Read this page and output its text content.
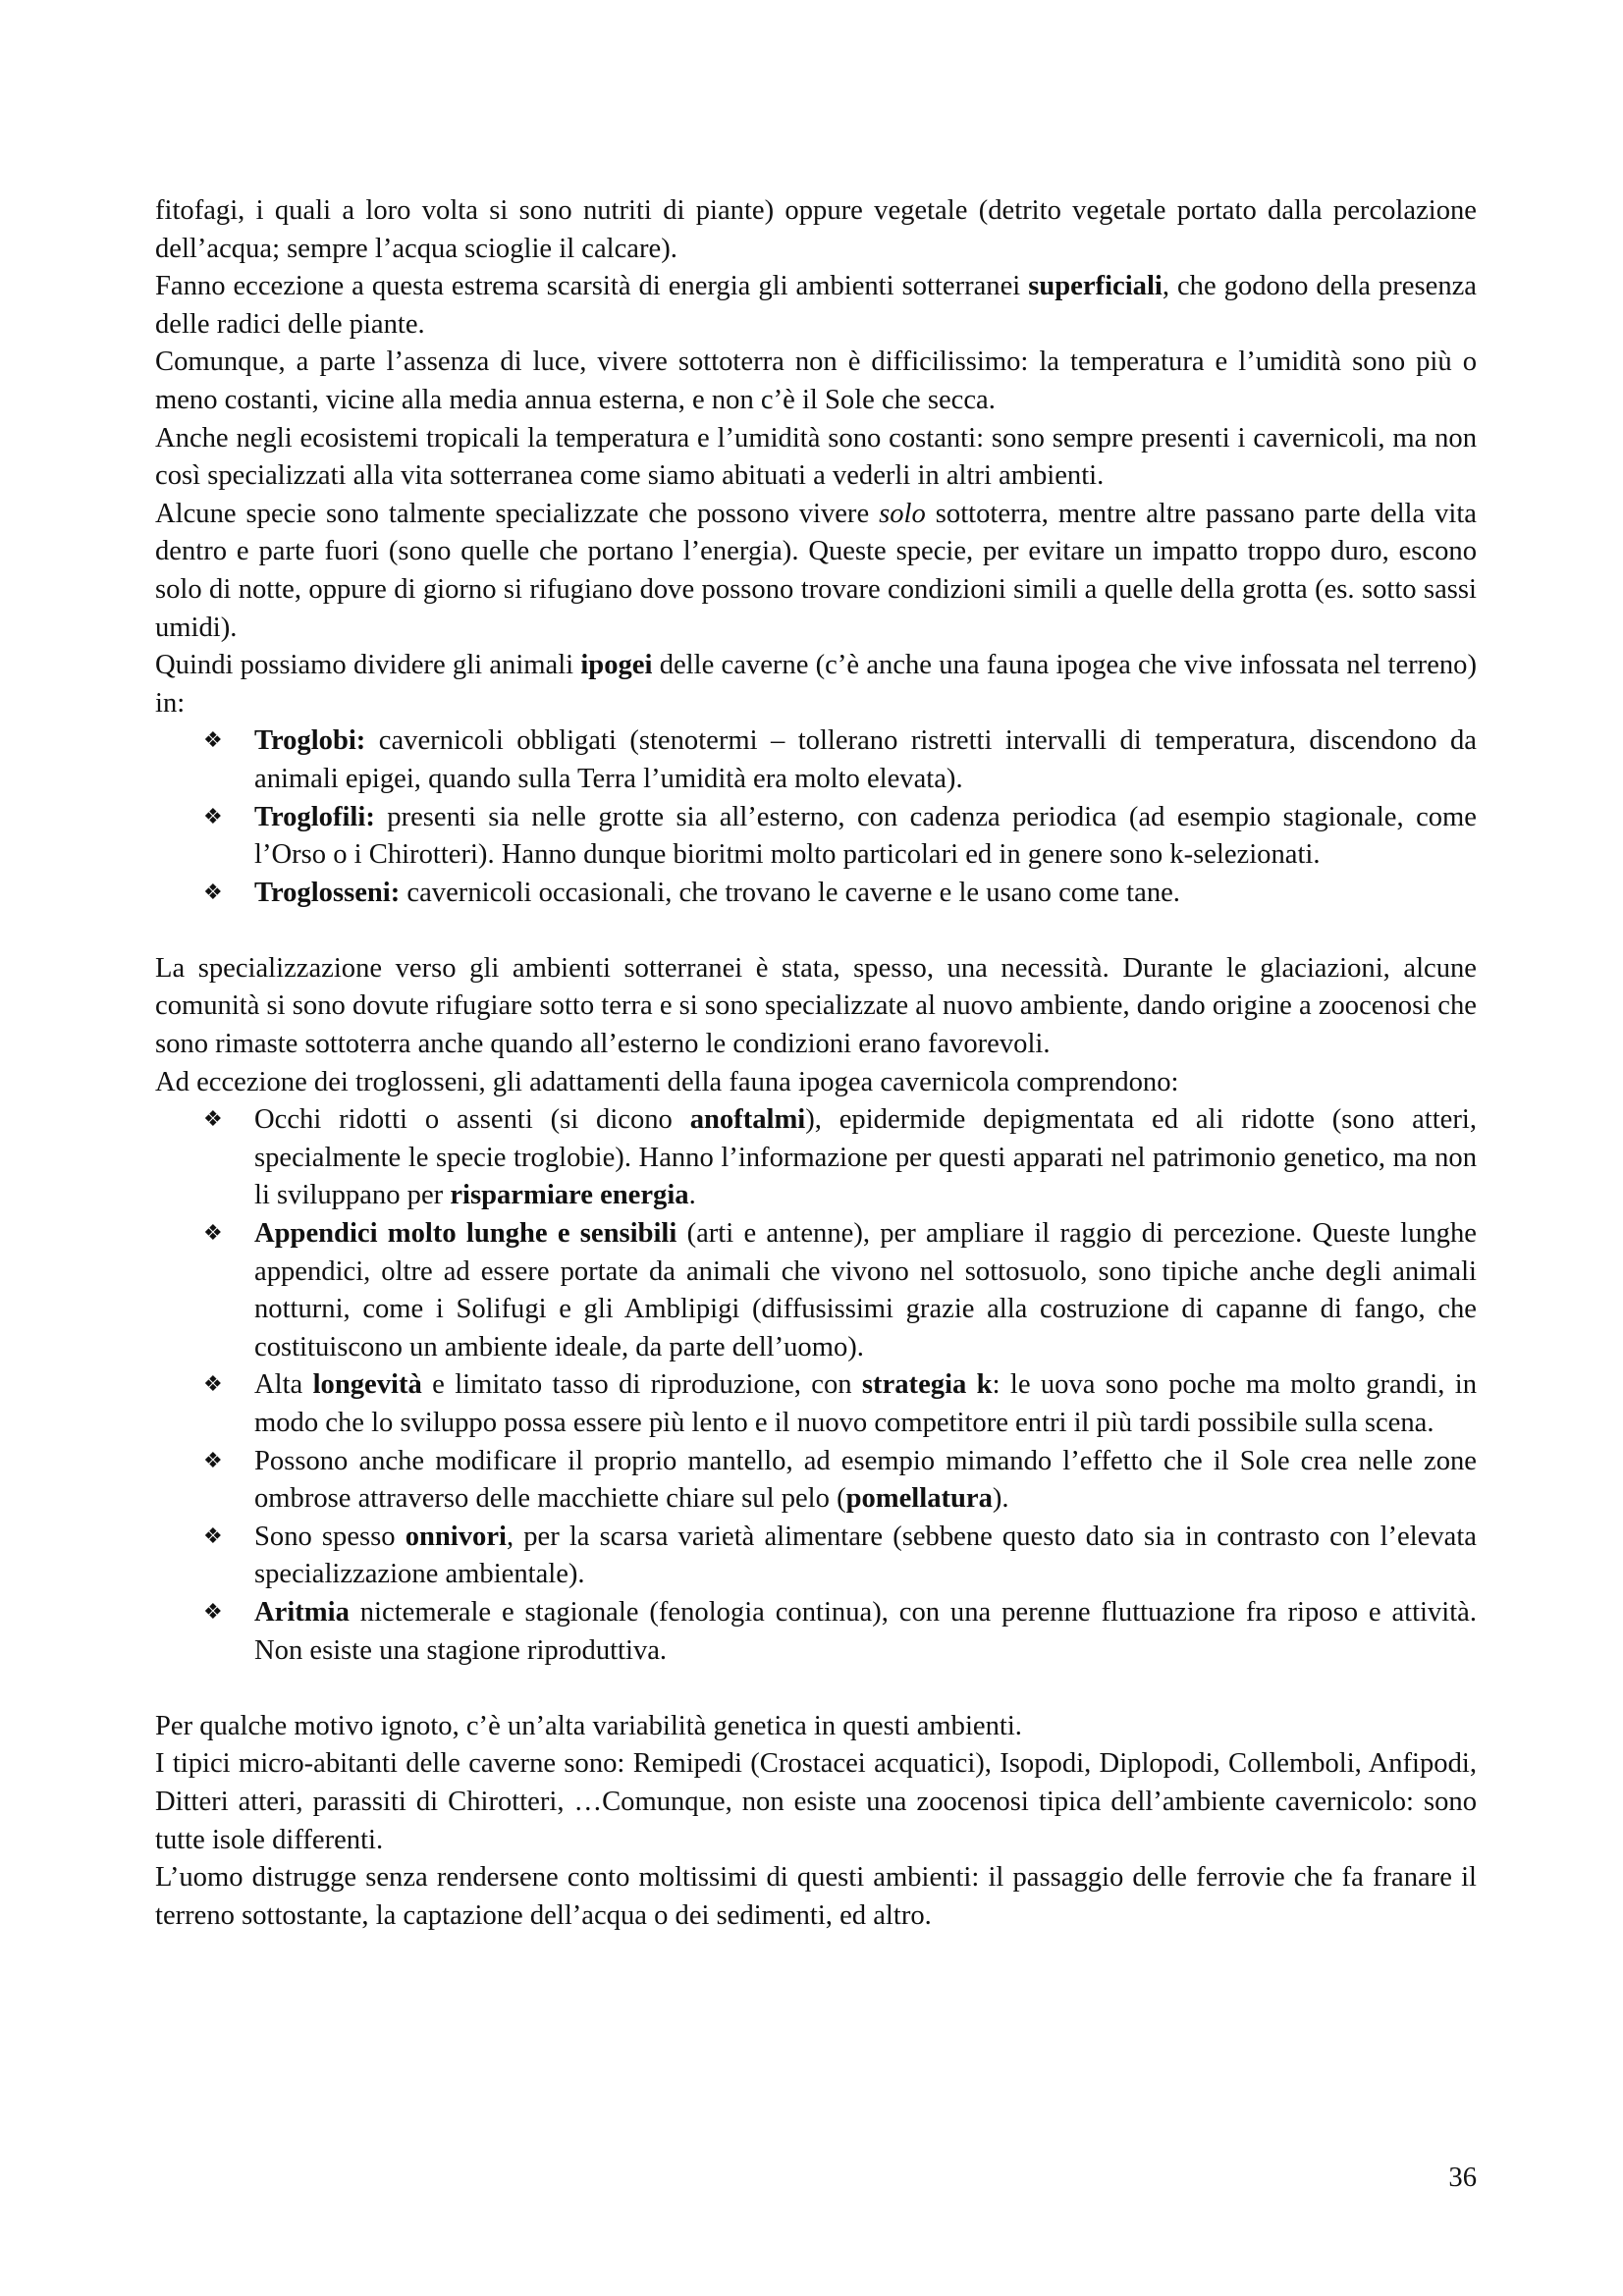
fitofagi, i quali a loro volta si sono nutriti di piante) oppure vegetale (detrito vegetale portato dalla percolazione dell’acqua; sempre l’acqua scioglie il calcare).

Fanno eccezione a questa estrema scarsità di energia gli ambienti sotterranei superficiali, che godono della presenza delle radici delle piante.

Comunque, a parte l’assenza di luce, vivere sottoterra non è difficilissimo: la temperatura e l’umidità sono più o meno costanti, vicine alla media annua esterna, e non c’è il Sole che secca.

Anche negli ecosistemi tropicali la temperatura e l’umidità sono costanti: sono sempre presenti i cavernicoli, ma non così specializzati alla vita sotterranea come siamo abituati a vederli in altri ambienti.

Alcune specie sono talmente specializzate che possono vivere solo sottoterra, mentre altre passano parte della vita dentro e parte fuori (sono quelle che portano l’energia). Queste specie, per evitare un impatto troppo duro, escono solo di notte, oppure di giorno si rifugiano dove possono trovare condizioni simili a quelle della grotta (es. sotto sassi umidi).

Quindi possiamo dividere gli animali ipogei delle caverne (c’è anche una fauna ipogea che vive infossata nel terreno) in:

❖ Troglobi: cavernicoli obbligati (stenotermi – tollerano ristretti intervalli di temperatura, discendono da animali epigei, quando sulla Terra l’umidità era molto elevata).
❖ Troglofili: presenti sia nelle grotte sia all’esterno, con cadenza periodica (ad esempio stagionale, come l’Orso o i Chirotteri). Hanno dunque bioritmi molto particolari ed in genere sono k-selezionati.
❖ Troglosseni: cavernicoli occasionali, che trovano le caverne e le usano come tane.

La specializzazione verso gli ambienti sotterranei è stata, spesso, una necessità. Durante le glaciazioni, alcune comunità si sono dovute rifugiare sotto terra e si sono specializzate al nuovo ambiente, dando origine a zoocenosi che sono rimaste sottoterra anche quando all’esterno le condizioni erano favorevoli.

Ad eccezione dei troglosseni, gli adattamenti della fauna ipogea cavernicola comprendono:

❖ Occhi ridotti o assenti (si dicono anoftalmi), epidermide depigmentata ed ali ridotte (sono atteri, specialmente le specie troglobie). Hanno l’informazione per questi apparati nel patrimonio genetico, ma non li sviluppano per risparmiare energia.
❖ Appendici molto lunghe e sensibili (arti e antenne), per ampliare il raggio di percezione. Queste lunghe appendici, oltre ad essere portate da animali che vivono nel sottosuolo, sono tipiche anche degli animali notturni, come i Solifugi e gli Amblipigi (diffusissimi grazie alla costruzione di capanne di fango, che costituiscono un ambiente ideale, da parte dell’uomo).
❖ Alta longevità e limitato tasso di riproduzione, con strategia k: le uova sono poche ma molto grandi, in modo che lo sviluppo possa essere più lento e il nuovo competitore entri il più tardi possibile sulla scena.
❖ Possono anche modificare il proprio mantello, ad esempio mimando l’effetto che il Sole crea nelle zone ombrose attraverso delle macchiette chiare sul pelo (pomellatura).
❖ Sono spesso onnivori, per la scarsa varietà alimentare (sebbene questo dato sia in contrasto con l’elevata specializzazione ambientale).
❖ Aritmia nictemerale e stagionale (fenologia continua), con una perenne fluttuazione fra riposo e attività. Non esiste una stagione riproduttiva.

Per qualche motivo ignoto, c’è un’alta variabilità genetica in questi ambienti.

I tipici micro-abitanti delle caverne sono: Remipedi (Crostacei acquatici), Isopodi, Diplopodi, Collemboli, Anfipodi, Ditteri atteri, parassiti di Chirotteri, …Comunque, non esiste una zoocenosi tipica dell’ambiente cavernicolo: sono tutte isole differenti.

L’uomo distrugge senza rendersene conto moltissimi di questi ambienti: il passaggio delle ferrovie che fa franare il terreno sottostante, la captazione dell’acqua o dei sedimenti, ed altro.

36
